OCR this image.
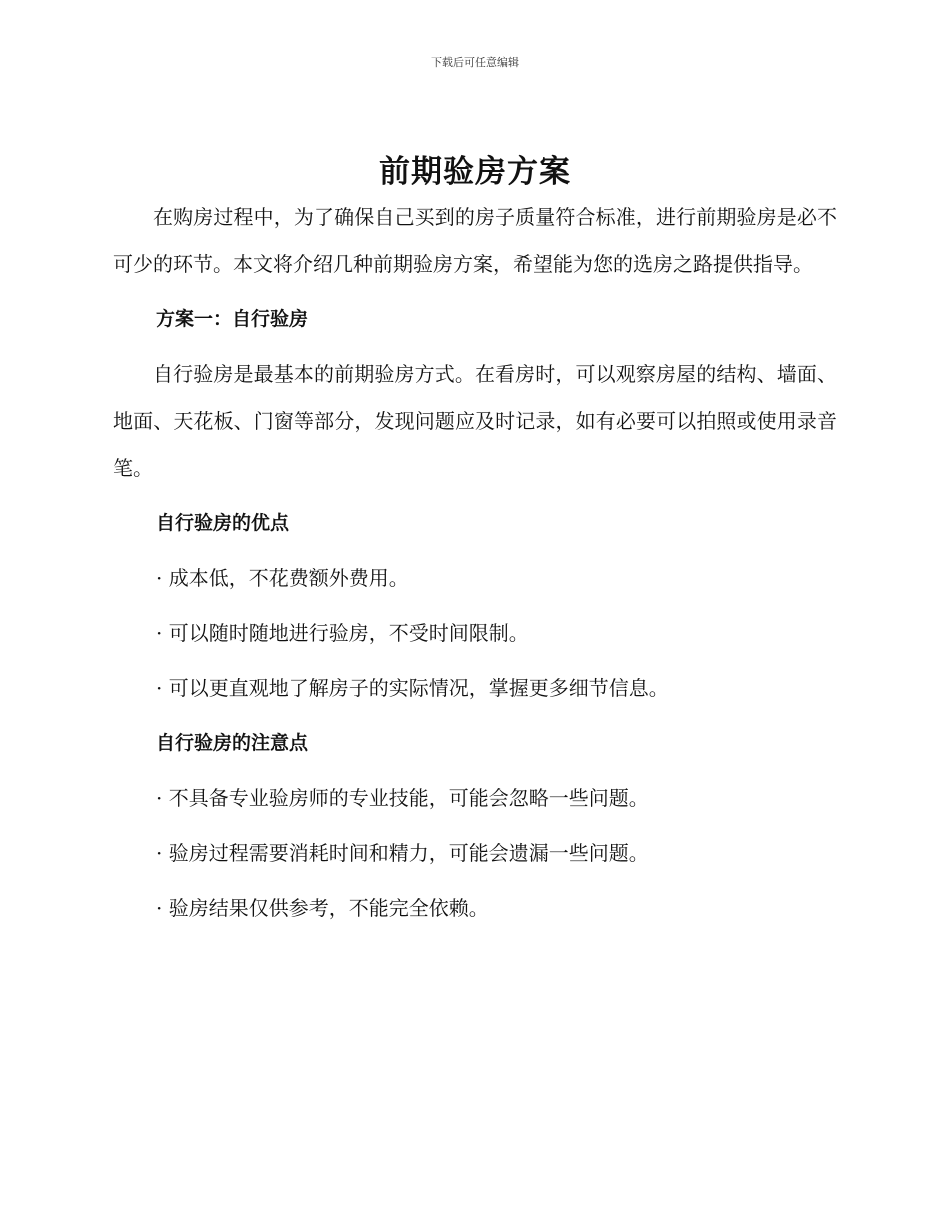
下载后可任意编辑
前期验房方案

在购房过程中，为了确保自己买到的房子质量符合标准，进行前期验房是必不可少的环节。本文将介绍几种前期验房方案，希望能为您的选房之路提供指导。

方案一：自行验房

自行验房是最基本的前期验房方式。在看房时，可以观察房屋的结构、墙面、地面、天花板、门窗等部分，发现问题应及时记录，如有必要可以拍照或使用录音笔。

自行验房的优点
· 成本低，不花费额外费用。
· 可以随时随地进行验房，不受时间限制。
· 可以更直观地了解房子的实际情况，掌握更多细节信息。
自行验房的注意点
· 不具备专业验房师的专业技能，可能会忽略一些问题。
· 验房过程需要消耗时间和精力，可能会遗漏一些问题。
· 验房结果仅供参考，不能完全依赖。
